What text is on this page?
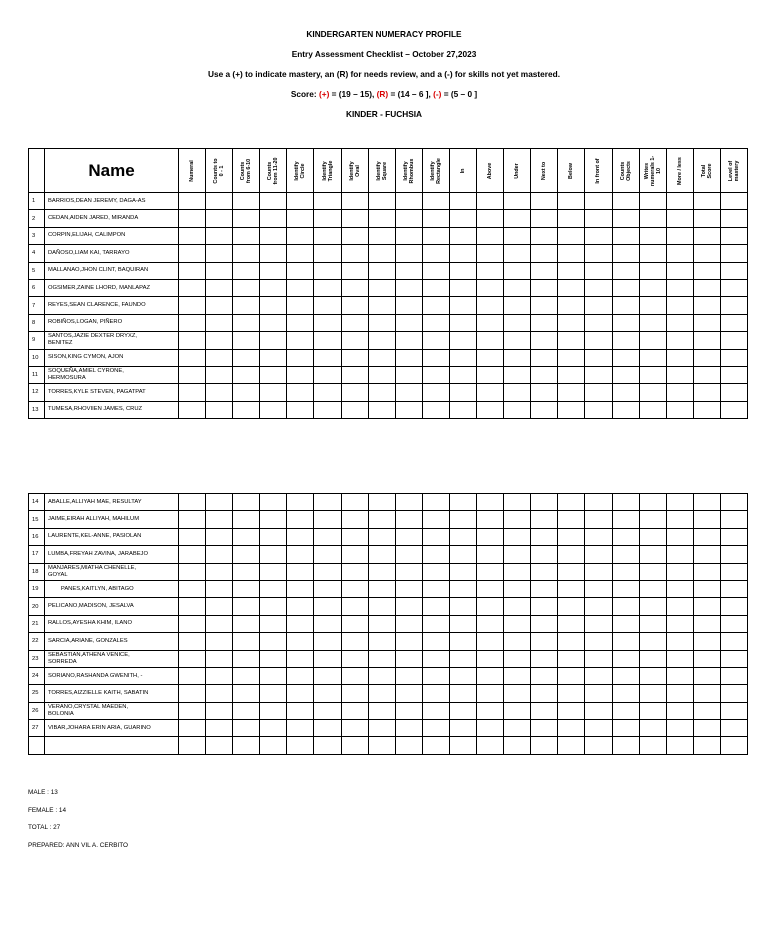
KINDERGARTEN NUMERACY PROFILE
Entry Assessment Checklist – October 27,2023
Use a (+) to indicate mastery, an (R) for needs review, and a (-) for skills not yet mastered.
Score: (+) = (19 – 15), (R) = (14 – 6 ], (-) = (5 – 0 ]
KINDER - FUCHSIA
	Name	Numeral	Counts to 0 - 1	Counts from 6-10	Counts from 11-20	Identify Circle	Identify Triangle	Identify Oval	Identify Square	Identify Rhombus	Identify Rectangle	In	Above	Under	Next to	Below	In front of	Counts Objects	Writes numerals 1- 10	More / less	Total Score	Level of mastery

1	BARRIOS,DEAN JEREMY, DAGA-AS																					

2	CEDAN,AIDEN JARED, MIRANDA																					

3	CORPIN,ELIJAH, CALIMPON																					

4	DAÑOSO,LIAM KAI, TARRAYO																					

5	MALLANAO,JHON CLINT, BAQUIRAN																					

6	OGSIMER,ZAINE LHORD, MANLAPAZ																					

7	REYES,SEAN CLARENCE, FAUNDO																					

8	ROBIÑOS,LOGAN, PIÑERO																					

9	SANTOS,JAZIE DEXTER DRYXZ,
BENITEZ																					

10	SISON,KING CYMON, AJON																					

11	SOQUEÑA,AMIEL CYRONE,
HERMOSURA																					

12	TORRES,KYLE STEVEN, PAGATPAT																					

13	TUMESA,RHOVIIEN JAMES, CRUZ																					

14	ABALLE,ALLIYAH MAE, RESULTAY																					

15	JAIME,EIRAH ALLIYAH, MAHILUM																					

16	LAURENTE,KEL-ANNE, PASIOLAN																					

17	LUMBA,FREYAH ZAVINA, JARABEJO																					

18	MANJARES,MIATHA CHENELLE,
GOYAL																					

19	PANES,KAITLYN, ABITAGO																					

20	PELICANO,MADISON, JESALVA																					

21	RALLOS,AYESHA KHIM, ILANO																					

22	SARCIA,ARIANE, GONZALES																					

23	SEBASTIAN,ATHENA VENICE,
SORREDA																					

24	SORIANO,RASHANDA GWENITH, -																					

25	TORRES,AIZZIELLE KAITH, SABATIN																					

26	VERANO,CRYSTAL MAEDEN,
BOLONIA																					

27	VIBAR,JOHARA ERIN ARIA, GUARINO																					

MALE : 13
FEMALE : 14
TOTAL : 27
PREPARED: ANN VIL A. CERBITO
